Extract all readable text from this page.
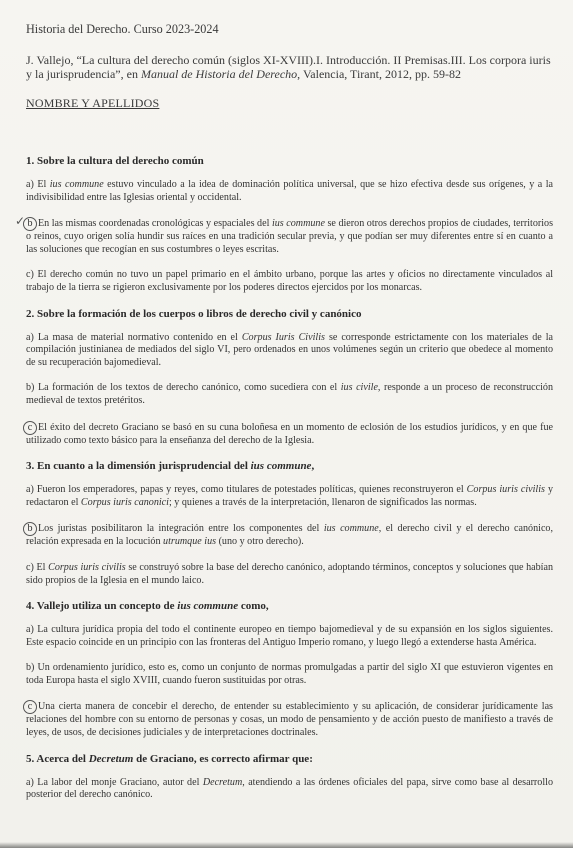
Historia del Derecho. Curso 2023-2024

J. Vallejo, “La cultura del derecho común (siglos XI-XVIII).I. Introducción. II Premisas.III. Los corpora iuris y la jurisprudencia”, en Manual de Historia del Derecho, Valencia, Tirant, 2012, pp. 59-82

NOMBRE Y APELLIDOS

1. Sobre la cultura del derecho común

a) El ius commune estuvo vinculado a la idea de dominación política universal, que se hizo efectiva desde sus orígenes, y a la indivisibilidad entre las Iglesias oriental y occidental.

✓ b En las mismas coordenadas cronológicas y espaciales del ius commune se dieron otros derechos propios de ciudades, territorios o reinos, cuyo origen solía hundir sus raíces en una tradición secular previa, y que podían ser muy diferentes entre sí en cuanto a las soluciones que recogían en sus costumbres o leyes escritas.

c) El derecho común no tuvo un papel primario en el ámbito urbano, porque las artes y oficios no directamente vinculados al trabajo de la tierra se rigieron exclusivamente por los poderes directos ejercidos por los monarcas.

2. Sobre la formación de los cuerpos o libros de derecho civil y canónico

a) La masa de material normativo contenido en el Corpus Iuris Civilis se corresponde estrictamente con los materiales de la compilación justinianea de mediados del siglo VI, pero ordenados en unos volúmenes según un criterio que obedece al momento de su recuperación bajomedieval.

b) La formación de los textos de derecho canónico, como sucediera con el ius civile, responde a un proceso de reconstrucción medieval de textos pretéritos.

c El éxito del decreto Graciano se basó en su cuna boloñesa en un momento de eclosión de los estudios jurídicos, y en que fue utilizado como texto básico para la enseñanza del derecho de la Iglesia.

3. En cuanto a la dimensión jurisprudencial del ius commune,

a) Fueron los emperadores, papas y reyes, como titulares de potestades políticas, quienes reconstruyeron el Corpus iuris civilis y redactaron el Corpus iuris canonici; y quienes a través de la interpretación, llenaron de significados las normas.

b Los juristas posibilitaron la integración entre los componentes del ius commune, el derecho civil y el derecho canónico, relación expresada en la locución utrumque ius (uno y otro derecho).

c) El Corpus iuris civilis se construyó sobre la base del derecho canónico, adoptando términos, conceptos y soluciones que habían sido propios de la Iglesia en el mundo laico.

4. Vallejo utiliza un concepto de ius commune como,

a) La cultura jurídica propia del todo el continente europeo en tiempo bajomedieval y de su expansión en los siglos siguientes. Este espacio coincide en un principio con las fronteras del Antiguo Imperio romano, y luego llegó a extenderse hasta América.

b) Un ordenamiento jurídico, esto es, como un conjunto de normas promulgadas a partir del siglo XI que estuvieron vigentes en toda Europa hasta el siglo XVIII, cuando fueron sustituidas por otras.

c Una cierta manera de concebir el derecho, de entender su establecimiento y su aplicación, de considerar jurídicamente las relaciones del hombre con su entorno de personas y cosas, un modo de pensamiento y de acción puesto de manifiesto a través de leyes, de usos, de decisiones judiciales y de interpretaciones doctrinales.

5. Acerca del Decretum de Graciano, es correcto afirmar que:

a) La labor del monje Graciano, autor del Decretum, atendiendo a las órdenes oficiales del papa, sirve como base al desarrollo posterior del derecho canónico.
